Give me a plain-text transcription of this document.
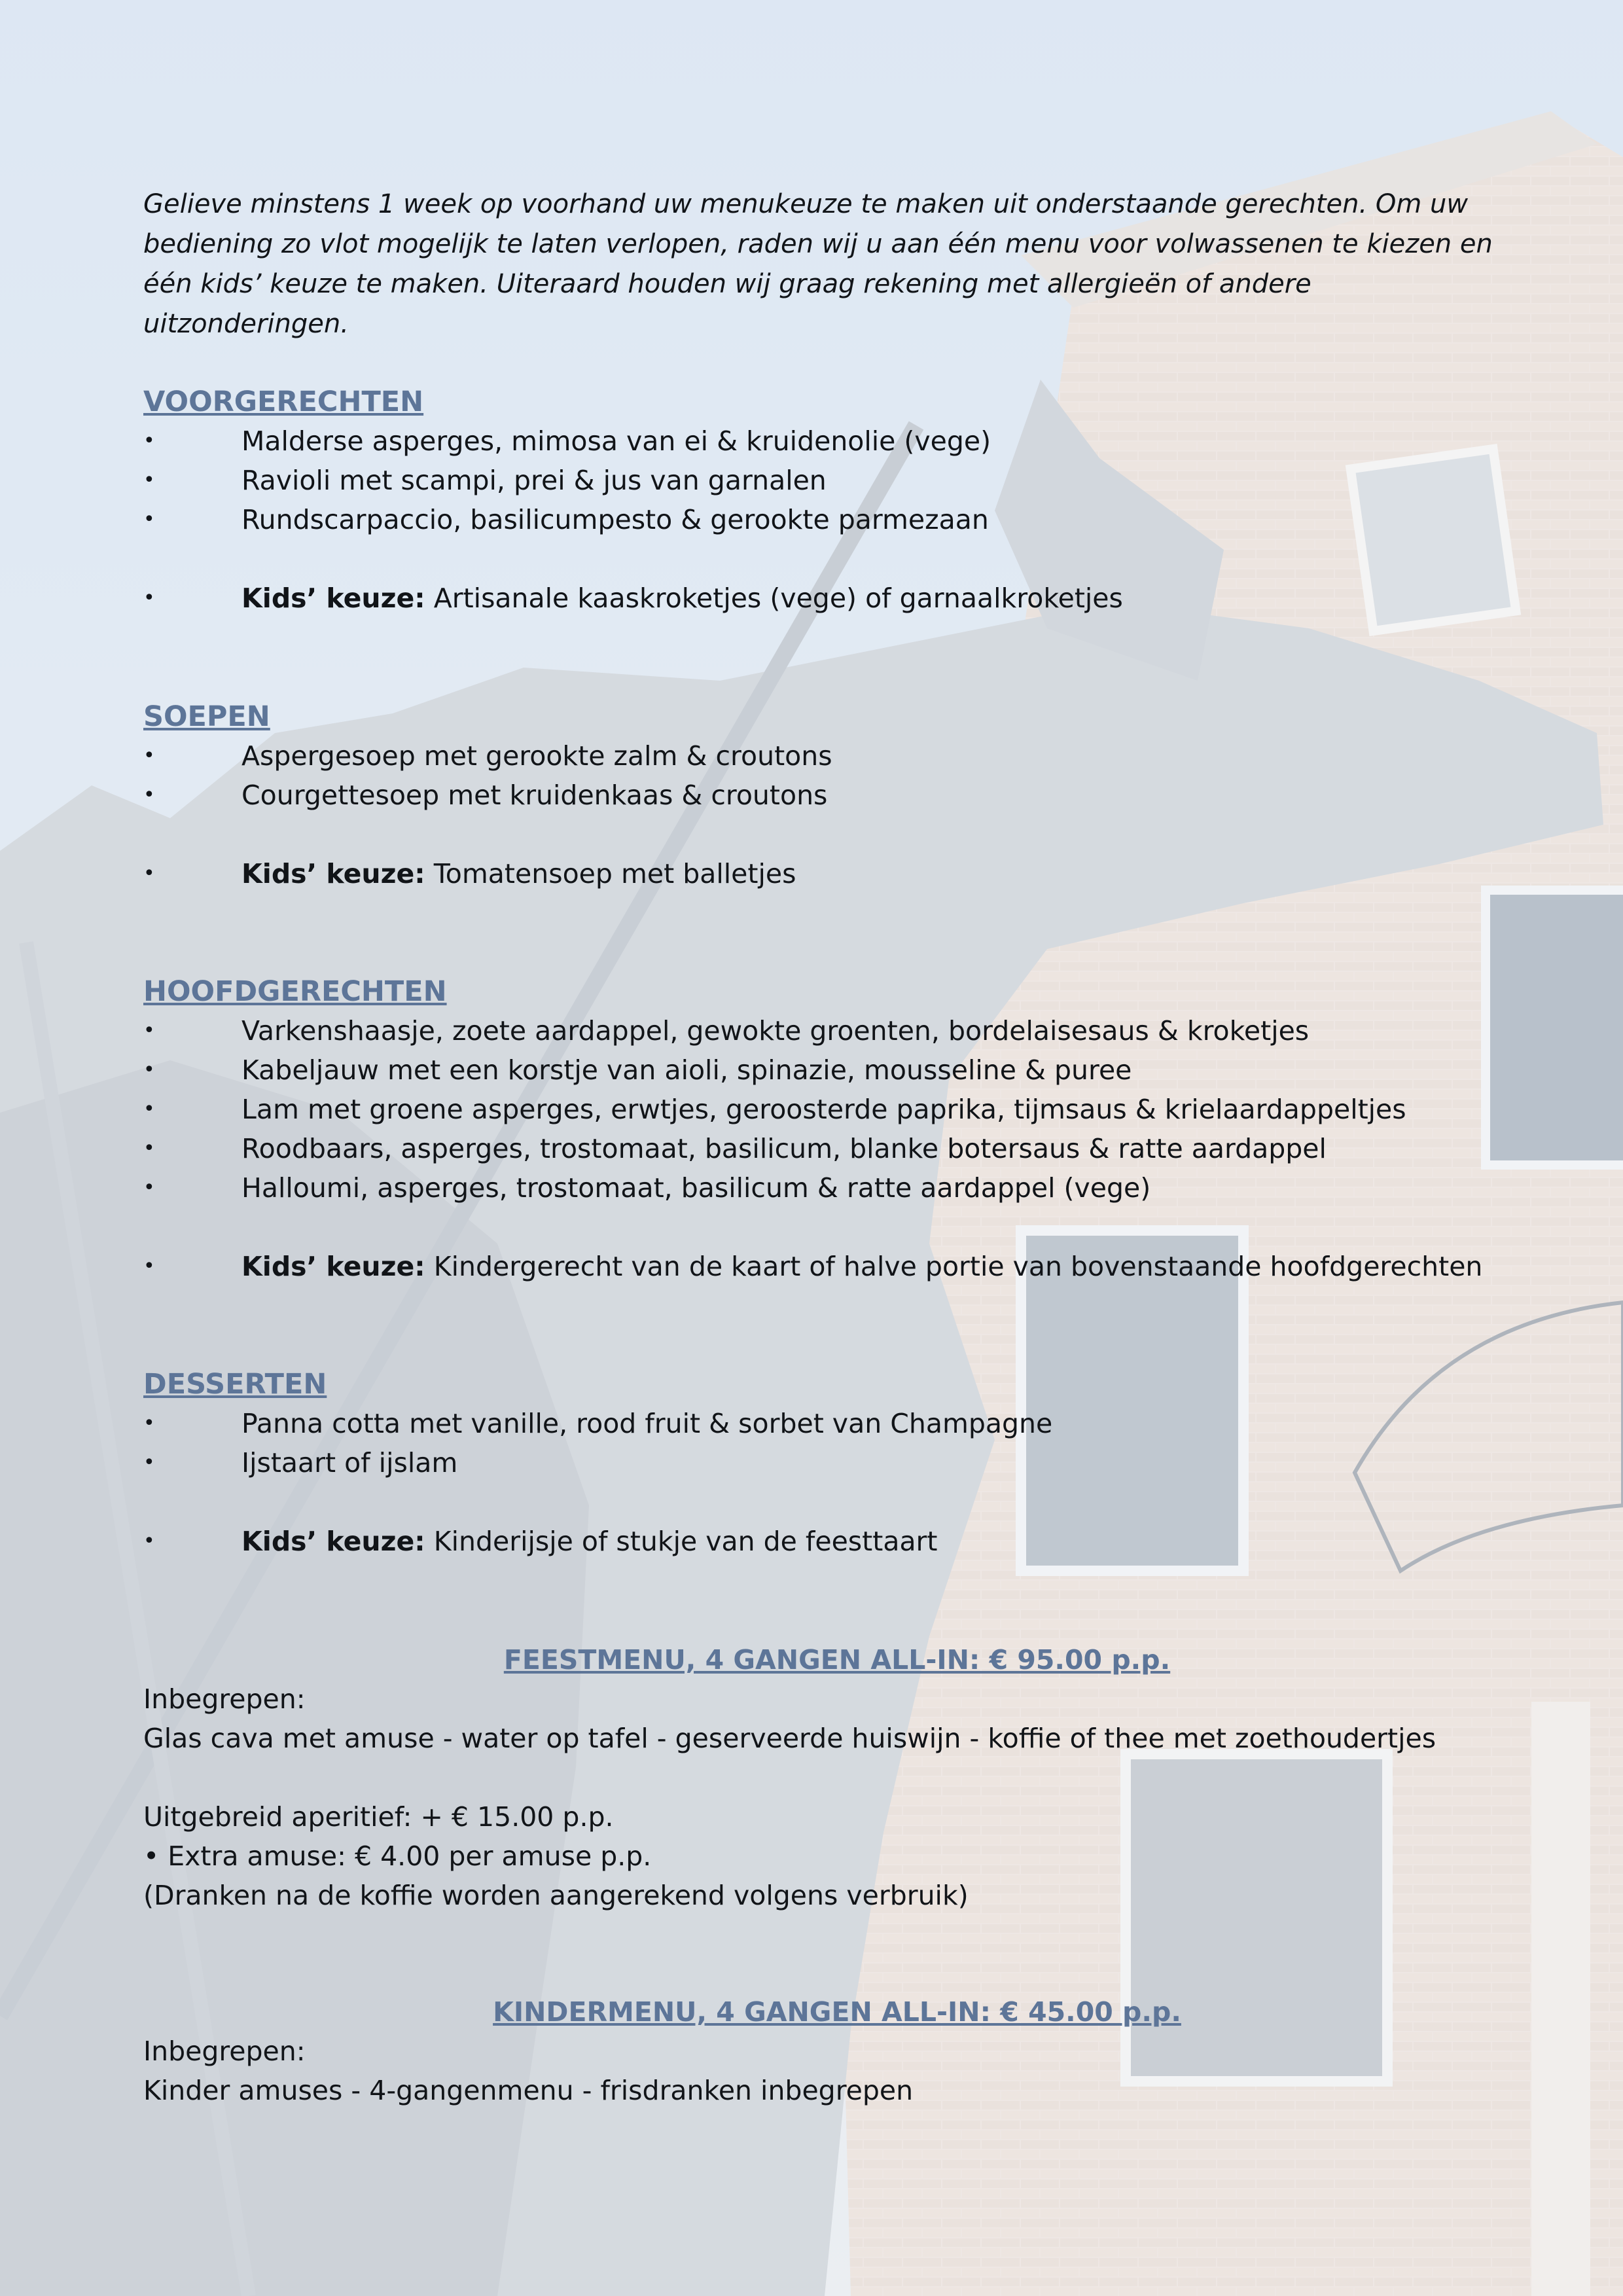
Gelieve minstens 1 week op voorhand uw menukeuze te maken uit onderstaande gerechten. Om uw bediening zo vlot mogelijk te laten verlopen, raden wij u aan één menu voor volwassenen te kiezen en één kids’ keuze te maken. Uiteraard houden wij graag rekening met allergieën of andere uitzonderingen.

VOORGERECHTEN

• Malderse asperges, mimosa van ei & kruidenolie (vege)
• Ravioli met scampi, prei & jus van garnalen
• Rundscarpaccio, basilicumpesto & gerookte parmezaan
• Kids’ keuze: Artisanale kaaskroketjes (vege) of garnaalkroketjes

SOEPEN

• Aspergesoep met gerookte zalm & croutons
• Courgettesoep met kruidenkaas & croutons
• Kids’ keuze: Tomatensoep met balletjes

HOOFDGERECHTEN

• Varkenshaasje, zoete aardappel, gewokte groenten, bordelaisesaus & kroketjes
• Kabeljauw met een korstje van aioli, spinazie, mousseline & puree
• Lam met groene asperges, erwtjes, geroosterde paprika, tijmsaus & krielaardappeltjes
• Roodbaars, asperges, trostomaat, basilicum, blanke botersaus & ratte aardappel
• Halloumi, asperges, trostomaat, basilicum & ratte aardappel (vege)
• Kids’ keuze: Kindergerecht van de kaart of halve portie van bovenstaande hoofdgerechten

DESSERTEN

• Panna cotta met vanille, rood fruit & sorbet van Champagne
• Ijstaart of ijslam
• Kids’ keuze: Kinderijsje of stukje van de feesttaart

FEESTMENU, 4 GANGEN ALL-IN: € 95.00 p.p.

Inbegrepen:

Glas cava met amuse - water op tafel - geserveerde huiswijn - koffie of thee met zoethoudertjes

Uitgebreid aperitief: + € 15.00 p.p.

• Extra amuse: € 4.00 per amuse p.p.

(Dranken na de koffie worden aangerekend volgens verbruik)

KINDERMENU, 4 GANGEN ALL-IN: € 45.00 p.p.

Inbegrepen:

Kinder amuses - 4-gangenmenu - frisdranken inbegrepen
